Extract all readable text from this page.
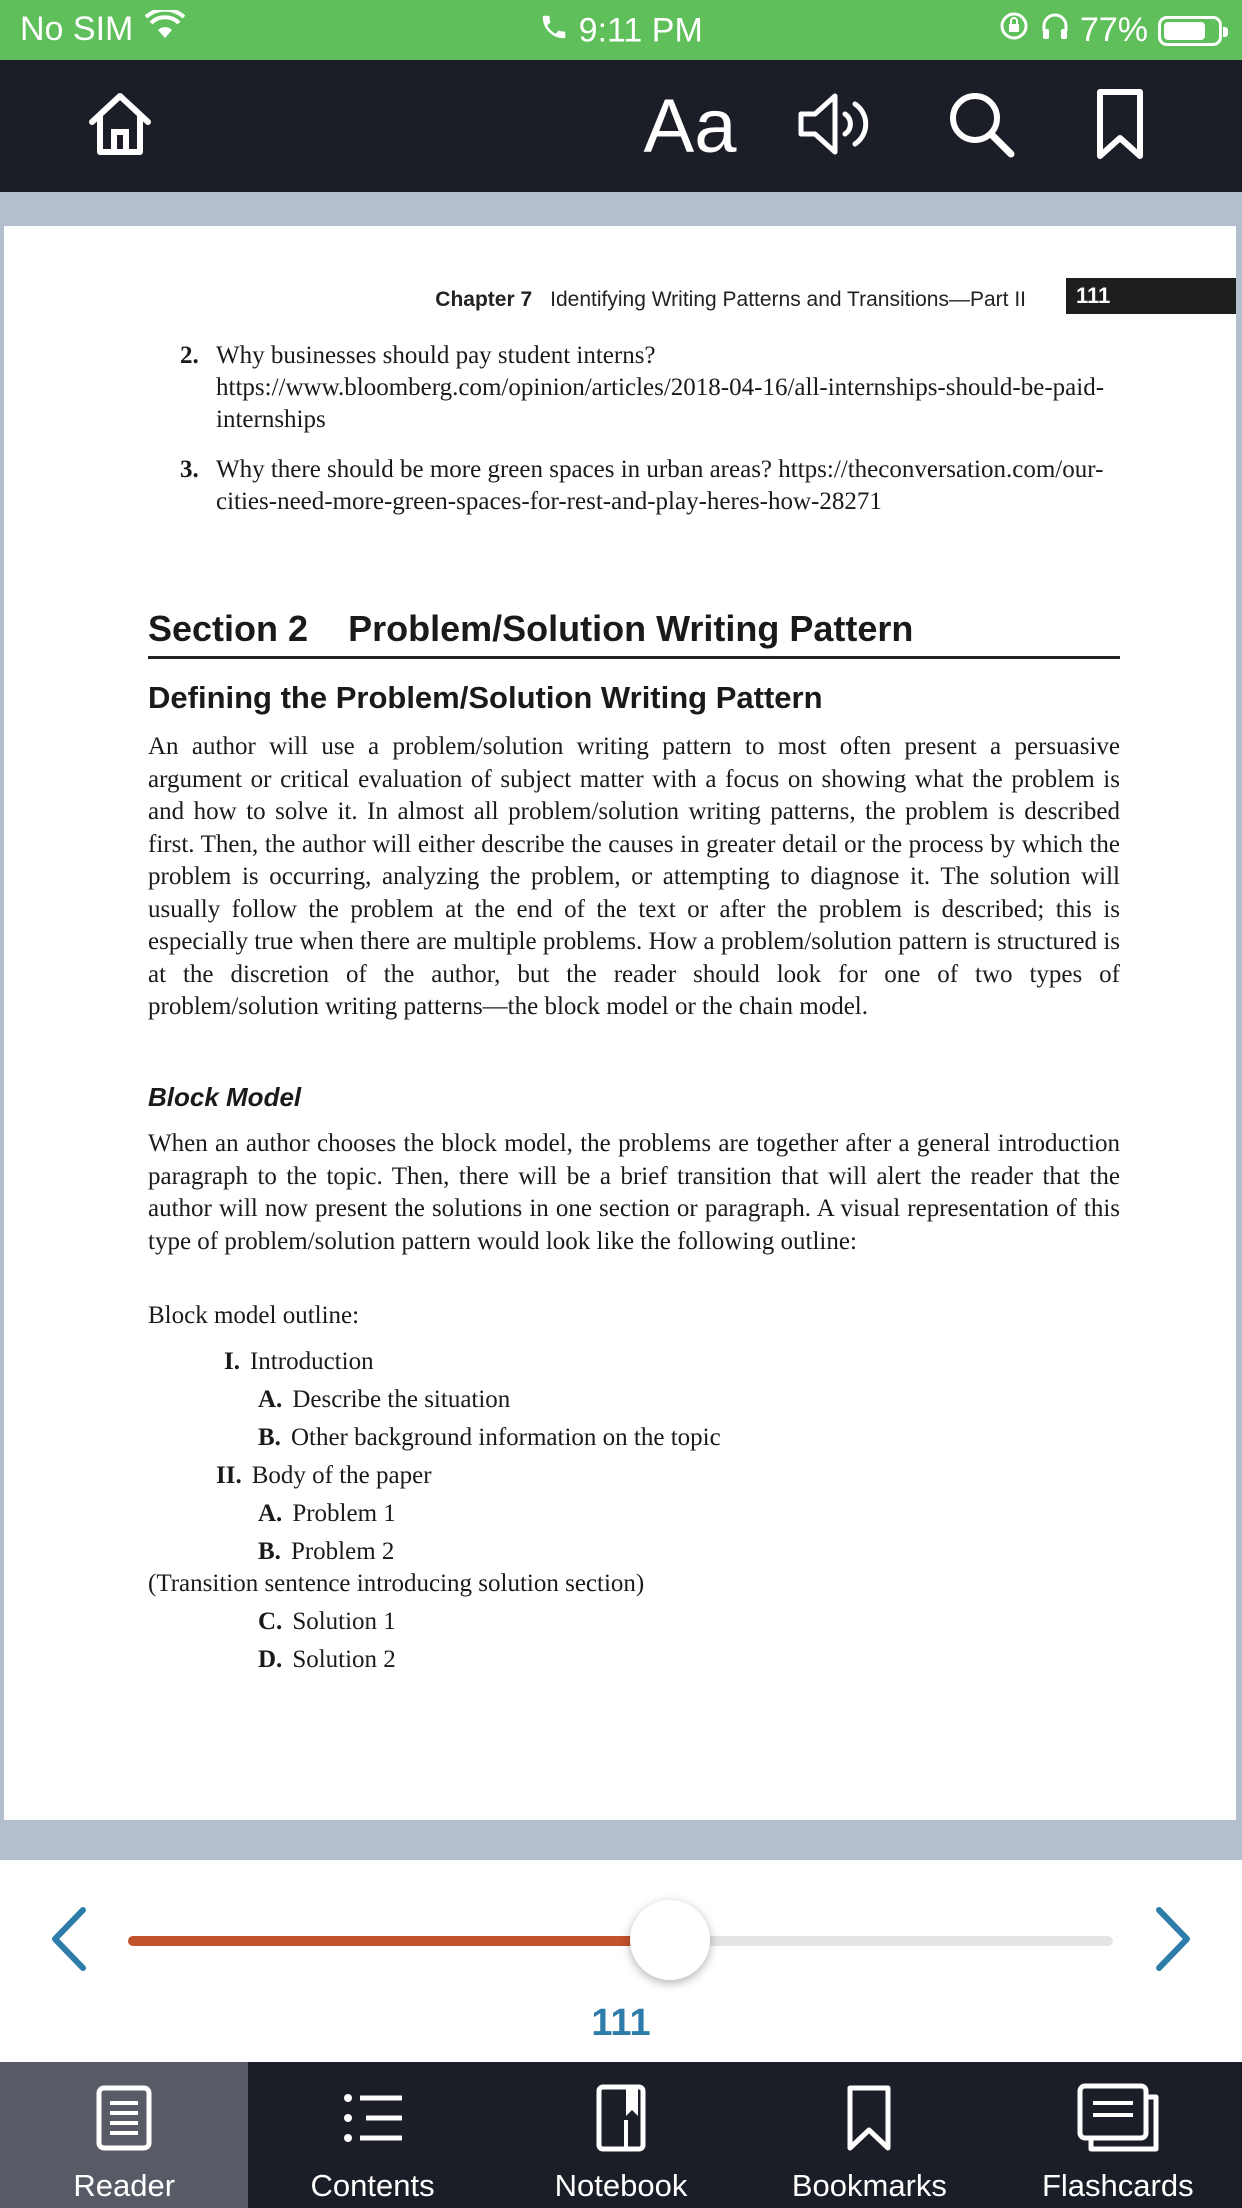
No SIM	9:11 PM	77%
Aa
Chapter 7 Identifying Writing Patterns and Transitions—Part II	111
2. Why businesses should pay student interns? https://www.bloomberg.com/opinion/articles/2018-04-16/all-internships-should-be-paid-internships
3. Why there should be more green spaces in urban areas? https://theconversation.com/our-cities-need-more-green-spaces-for-rest-and-play-heres-how-28271
Section 2 Problem/Solution Writing Pattern
Defining the Problem/Solution Writing Pattern
An author will use a problem/solution writing pattern to most often present a persuasive argument or critical evaluation of subject matter with a focus on showing what the problem is and how to solve it. In almost all problem/solution writing patterns, the problem is described first. Then, the author will either describe the causes in greater detail or the process by which the problem is occurring, analyzing the problem, or attempting to diagnose it. The solution will usually follow the problem at the end of the text or after the problem is described; this is especially true when there are multiple problems. How a problem/solution pattern is structured is at the discretion of the author, but the reader should look for one of two types of problem/solution writing patterns—the block model or the chain model.
Block Model
When an author chooses the block model, the problems are together after a general introduction paragraph to the topic. Then, there will be a brief transition that will alert the reader that the author will now present the solutions in one section or paragraph. A visual representation of this type of problem/solution pattern would look like the following outline:
Block model outline:
I. Introduction
A. Describe the situation
B. Other background information on the topic
II. Body of the paper
A. Problem 1
B. Problem 2
(Transition sentence introducing solution section)
C. Solution 1
D. Solution 2
111
Reader	Contents	Notebook	Bookmarks	Flashcards
